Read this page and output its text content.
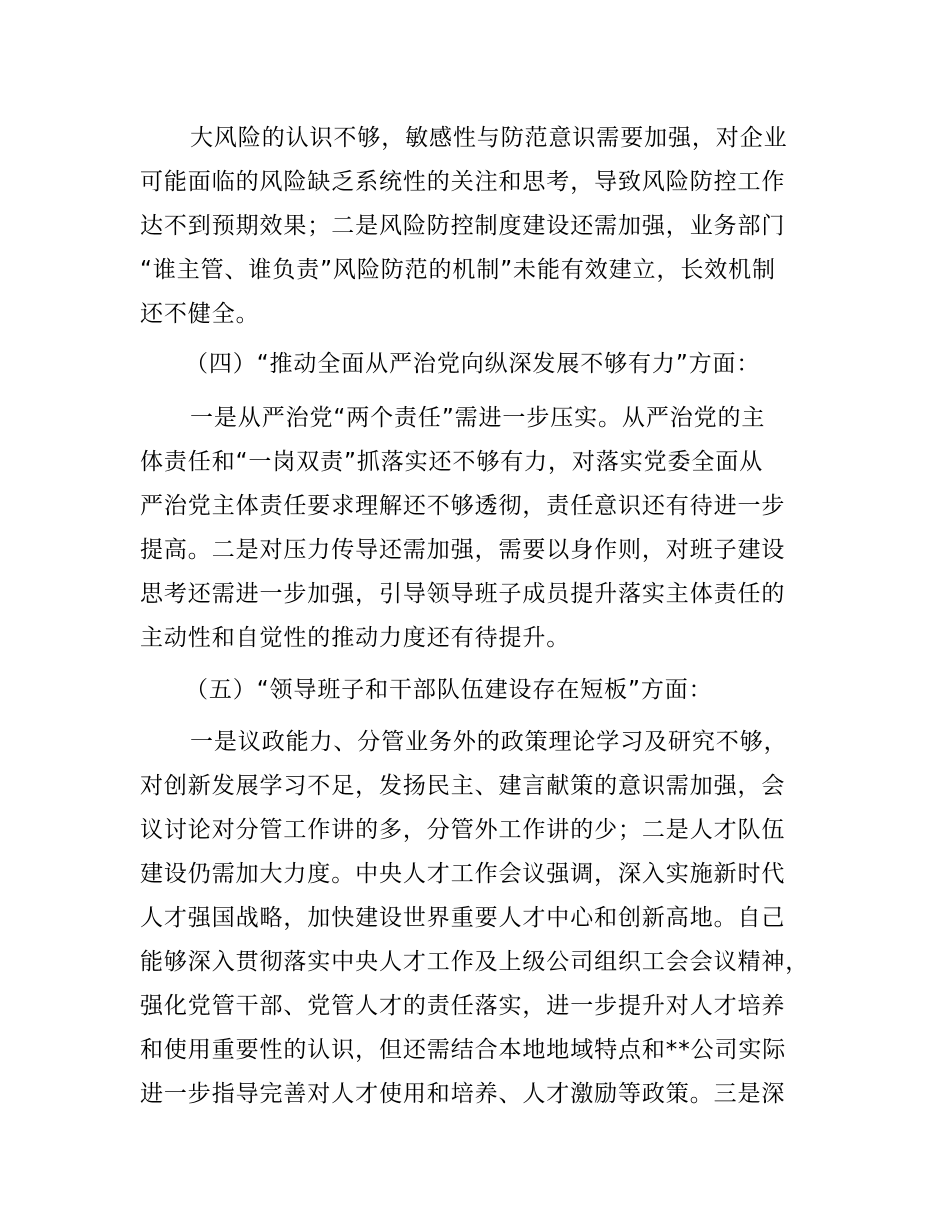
大风险的认识不够，敏感性与防范意识需要加强，对企业
可能面临的风险缺乏系统性的关注和思考，导致风险防控工作
达不到预期效果；二是风险防控制度建设还需加强，业务部门
“谁主管、谁负责”风险防范的机制”未能有效建立，长效机制
还不健全。
（四）“推动全面从严治党向纵深发展不够有力”方面：
一是从严治党“两个责任”需进一步压实。从严治党的主
体责任和“一岗双责”抓落实还不够有力，对落实党委全面从
严治党主体责任要求理解还不够透彻，责任意识还有待进一步
提高。二是对压力传导还需加强，需要以身作则，对班子建设
思考还需进一步加强，引导领导班子成员提升落实主体责任的
主动性和自觉性的推动力度还有待提升。
（五）“领导班子和干部队伍建设存在短板”方面：
一是议政能力、分管业务外的政策理论学习及研究不够，
对创新发展学习不足，发扬民主、建言献策的意识需加强，会
议讨论对分管工作讲的多，分管外工作讲的少；二是人才队伍
建设仍需加大力度。中央人才工作会议强调，深入实施新时代
人才强国战略，加快建设世界重要人才中心和创新高地。自己
能够深入贯彻落实中央人才工作及上级公司组织工会会议精神，
强化党管干部、党管人才的责任落实，进一步提升对人才培养
和使用重要性的认识，但还需结合本地地域特点和**公司实际
进一步指导完善对人才使用和培养、人才激励等政策。三是深
